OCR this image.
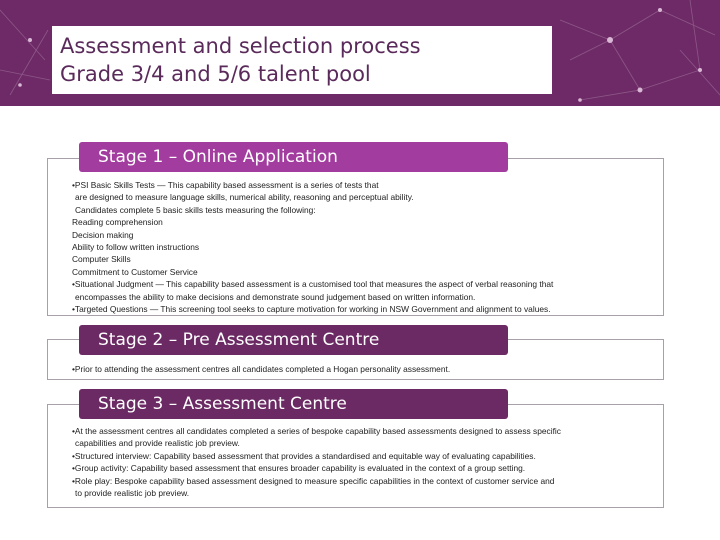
Assessment and selection process
Grade 3/4 and 5/6 talent pool
Stage 1 – Online Application
•PSI Basic Skills Tests — This capability based assessment is a series of tests that
are designed to measure language skills, numerical ability, reasoning and perceptual ability.
Candidates complete 5 basic skills tests measuring the following:
Reading comprehension
Decision making
Ability to follow written instructions
Computer Skills
Commitment to Customer Service
•Situational Judgment — This capability based assessment is a customised tool that measures the aspect of verbal reasoning that
encompasses the ability to make decisions and demonstrate sound judgement based on written information.
•Targeted Questions — This screening tool seeks to capture motivation for working in NSW Government and alignment to values.
Stage 2 – Pre Assessment Centre
•Prior to attending the assessment centres all candidates completed a Hogan personality assessment.
Stage 3 – Assessment Centre
•At the assessment centres all candidates completed a series of bespoke capability based assessments designed to assess specific
capabilities and provide realistic job preview.
•Structured interview: Capability based assessment that provides a standardised and equitable way of evaluating capabilities.
•Group activity: Capability based assessment that ensures broader capability is evaluated in the context of a group setting.
•Role play: Bespoke capability based assessment designed to measure specific capabilities in the context of customer service and
to provide realistic job preview.
